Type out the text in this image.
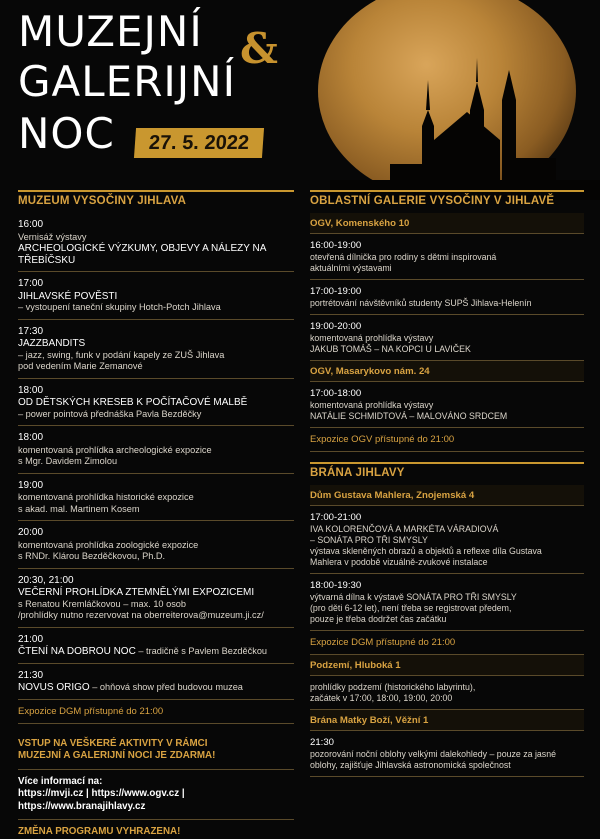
MUZEJNÍ &
GALERIJNÍ
NOC	27. 5. 2022
MUZEUM VYSOČINY JIHLAVA
16:00
Vernisáž výstavy
ARCHEOLOGICKÉ VÝZKUMY, OBJEVY A NÁLEZY NA TŘEBÍČSKU
17:00
JIHLAVSKÉ POVĚSTI
– vystoupení taneční skupiny Hotch-Potch Jihlava
17:30
JAZZBANDITS
– jazz, swing, funk v podání kapely ze ZUŠ Jihlava
pod vedením Marie Zemanové
18:00
OD DĚTSKÝCH KRESEB K POČÍTAČOVÉ MALBĚ
– power pointová přednáška Pavla Bezděčky
18:00
komentovaná prohlídka archeologické expozice
s Mgr. Davidem Zimolou
19:00
komentovaná prohlídka historické expozice
s akad. mal. Martinem Kosem
20:00
komentovaná prohlídka zoologické expozice
s RNDr. Klárou Bezděčkovou, Ph.D.
20:30, 21:00
VEČERNÍ PROHLÍDKA ZTEMNĚLÝMI EXPOZICEMI
s Renatou Kremláčkovou – max. 10 osob
/prohlídky nutno rezervovat na oberreiterova@muzeum.ji.cz/
21:00
ČTENÍ NA DOBROU NOC – tradičně s Pavlem Bezděčkou
21:30
NOVUS ORIGO – ohňová show před budovou muzea
Expozice DGM přístupné do 21:00
VSTUP NA VEŠKERÉ AKTIVITY V RÁMCI
MUZEJNÍ A GALERIJNÍ NOCI JE ZDARMA!
Více informací na:
https://mvji.cz | https://www.ogv.cz | https://www.branajihlavy.cz
ZMĚNA PROGRAMU VYHRAZENA!
OBLASTNÍ GALERIE VYSOČINY V JIHLAVĚ
OGV, Komenského 10
16:00-19:00
otevřená dílnička pro rodiny s dětmi inspirovaná
aktuálními výstavami
17:00-19:00
portrétování návštěvníků studenty SUPŠ Jihlava-Helenín
19:00-20:00
komentovaná prohlídka výstavy
JAKUB TOMÁŠ – NA KOPCI U LAVIČEK
OGV, Masarykovo nám. 24
17:00-18:00
komentovaná prohlídka výstavy
NATÁLIE SCHMIDTOVÁ – MALOVÁNO SRDCEM
Expozice OGV přístupné do 21:00
BRÁNA JIHLAVY
Dům Gustava Mahlera, Znojemská 4
17:00-21:00
IVA KOLORENČOVÁ A MARKÉTA VÁRADIOVÁ
– SONÁTA PRO TŘI SMYSLY
výstava skleněných obrazů a objektů a reflexe díla Gustava
Mahlera v podobě vizuálně-zvukové instalace
18:00-19:30
výtvarná dílna k výstavě SONÁTA PRO TŘI SMYSLY
(pro děti 6-12 let), není třeba se registrovat předem,
pouze je třeba dodržet čas začátku
Expozice DGM přístupné do 21:00
Podzemí, Hluboká 1
prohlídky podzemí (historického labyrintu),
začátek v 17:00, 18:00, 19:00, 20:00
Brána Matky Boží, Věžní 1
21:30
pozorování noční oblohy velkými dalekohledy – pouze za jasné
oblohy, zajišťuje Jihlavská astronomická společnost
